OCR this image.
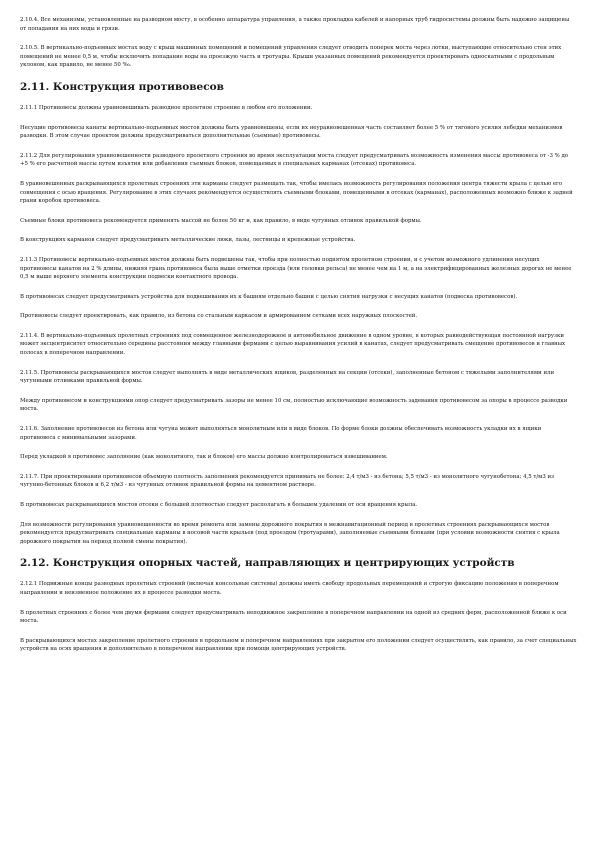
2.10.4. Все механизмы, установленные на разводном мосту, в особенно аппаратура управления, а также прокладка кабелей и напорных труб гидросистемы должны быть надежно защищены от попадания на них воды и грязи.

2.10.5. В вертикально-подъемных мостах воду с крыш машинных помещений и помещений управления следует отводить поперек моста через лотки, выступающие относительно стен этих помещений не менее 0,5 м, чтобы исключить попадание воды на проезжую часть и тротуары. Крыши указанных помещений рекомендуется проектировать односкатными с продольным уклоном, как правило, не менее 50 ‰.

2.11. Конструкция противовесов

2.11.1 Противовесы должны уравновешивать разводное пролетное строение в любом его положении.

Несущие противовесы канаты вертикально-подъемных мостов должны быть уравновешены, если их неуравновешенная часть составляет более 5 % от тягового усилия лебедки механизмов разводки. В этом случае проектом должны предусматриваться дополнительные (сьемные) противовесы.

2.11.2 Для регулирования уравновешенности разводного пролетного строения во время эксплуатации моста следует предусматривать возможность изменения массы противовеса от -3 % до +5 % его расчетной массы путем изъятия или добавления съемных блоков, помещаемых в специальных карманах (отсеках) противовеса.

В уравновешенных раскрывающихся пролетных строениях эти карманы следует размещать так, чтобы имелась возможность регулирования положения центра тяжести крыла с целью его совмещения с осью вращения. Регулирование в этих случаях рекомендуется осуществлять съемными блоками, помещенными в отсеках (карманах), расположенных возможно ближе к задней грани коробок противовеса.

Съемные блоки противовеса рекомендуется применять массой не более 50 кг и, как правило, в виде чугунных отливок правильной формы.

В конструкциях карманов следует предусматривать металлические люки, лазы, лестницы и крепежные устройства.

2.11.3 Противовесы вертикально-подъемных мостов должны быть подвешены так, чтобы при полностью поднятом пролетном строении, и с учетом возможного удлинения несущих противовесы канатов на 2 % длины, нижняя грань противовеса была выше отметки проезда (или головки рельса) не менее чем на 1 м, а на электрифицированных железных дорогах не менее 0,5 м выше верхнего элемента конструкции подвески контактного провода.

В противовесах следует предусматривать устройства для подвешивания их к башням отдельно башни с целью снятия нагрузки с несущих канатов (подвеска противовесов).

Противовесы следует проектировать, как правило, из бетона со стальным каркасом и армированием сетками всех наружных плоскостей.

2.11.4. В вертикально-подъемных пролетных строениях под совмещенное железнодорожное и автомобильное движение в одном уровне, в которых равнодействующая постоянной нагрузки может эксцентриситет относительно середины расстояния между главными фермами с целью выравнивания усилий в канатах, следует предусматривать смещение противовесов и главных полосах в поперечном направлении.

2.11.5. Противовесы раскрывающихся мостов следует выполнять в виде металлических ящиков, разделенных на секции (отсеки), заполненные бетоном с тяжелыми заполнителями или чугунными отливками правильной формы.

Между противовесом и конструкциями опор следует предусматривать зазоры не менее 10 см, полностью исключающие возможность задевания противовесом за опоры в процессе разводки моста.

2.11.6. Заполнение противовесов из бетона или чугуна может выполняться монолитным или в виде блоков. По форме блоки должны обеспечивать возможность укладки их в ящики противовеса с минимальными зазорами.

Перед укладкой в противовес заполнение (как монолитного, так и блоков) его массы должно контролироваться взвешиванием.

2.11.7. При проектировании противовесов объемную плотность заполнения рекомендуется принимать не более: 2,4 т/м3 - из бетона; 5,5 т/м3 - из монолитного чугунобетона; 4,5 т/м3 из чугунно-бетонных блоков и 6,2 т/м3 - из чугунных отливок правильной формы на цементном растворе.

В противовесах раскрывающихся мостов отсеки с большей плотностью следует располагать в большем удалении от оси вращения крыла.

Для возможности регулирования уравновешенности во время ремонта или замены дорожного покрытия в межнавигационный период в пролетных строениях раскрывающихся мостов рекомендуется предусматривать специальные карманы в носовой части крыльев (под проездом (тротуарами), заполняемые съемными блоками (при условии возможности снятия с крыла дорожного покрытия на период полной смены покрытия).

2.12. Конструкция опорных частей, направляющих и центрирующих устройств

2.12.1 Подвижные концы разводных пролетных строений (включая консольные системы) должны иметь свободу продольных перемещений и строгую фиксацию положения в поперечном направлении и неизменное положение их в процессе разводки моста.

В пролетных строениях с более чем двумя фермами следует предусматривать неподвижное закрепление в поперечном направлении на одной из средних ферм, расположенной ближе к оси моста.

В раскрывающихся мостах закрепление пролетного строения в продольном и поперечном направлениях при закрытом его положении следует осуществлять, как правило, за счет специальных устройств на осях вращения и дополнительно в поперечном направлении при помощи центрирующих устройств.
